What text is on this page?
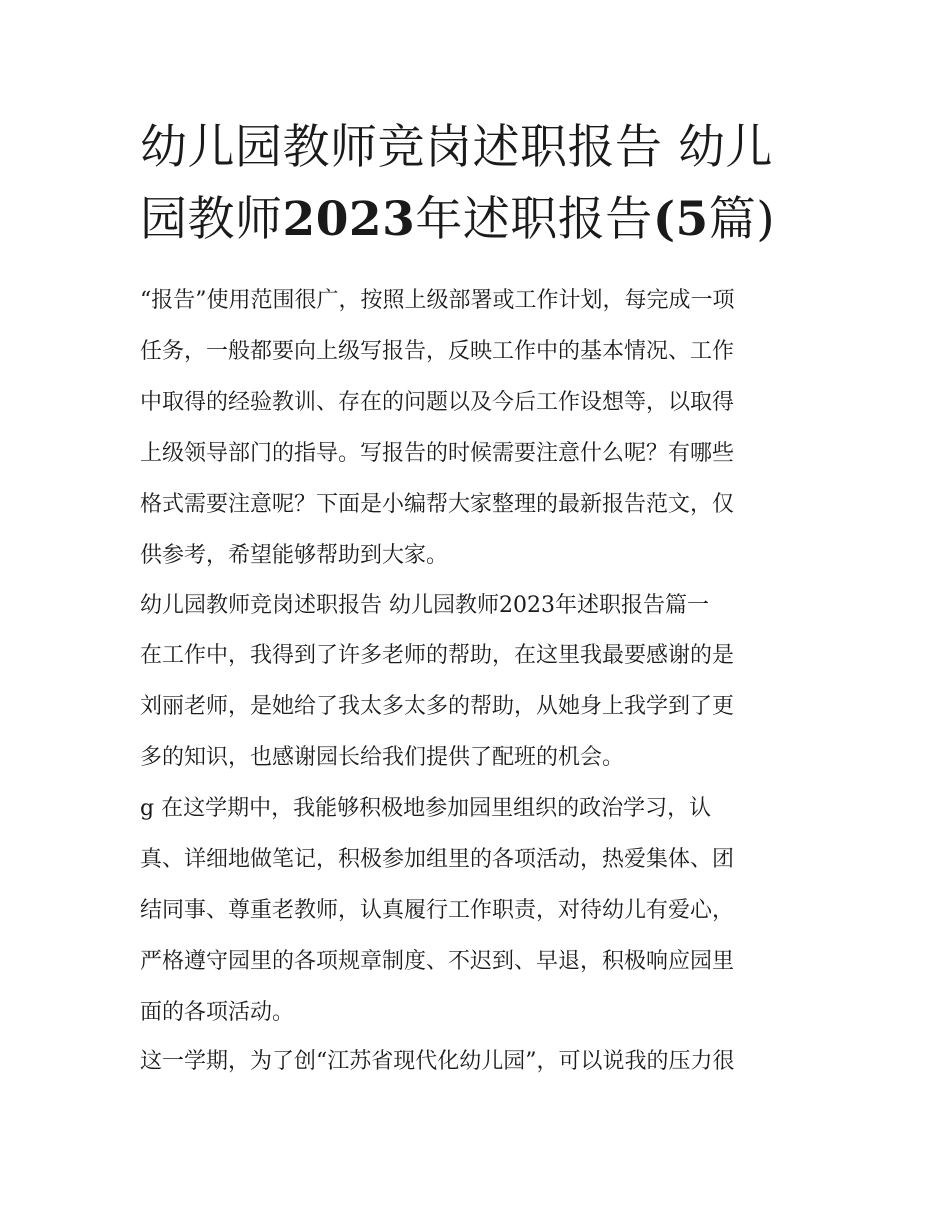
幼儿园教师竞岗述职报告 幼儿
园教师2023年述职报告(5篇)
“报告”使用范围很广，按照上级部署或工作计划，每完成一项
任务，一般都要向上级写报告，反映工作中的基本情况、工作
中取得的经验教训、存在的问题以及今后工作设想等，以取得
上级领导部门的指导。写报告的时候需要注意什么呢？有哪些
格式需要注意呢？下面是小编帮大家整理的最新报告范文，仅
供参考，希望能够帮助到大家。
幼儿园教师竞岗述职报告 幼儿园教师2023年述职报告篇一
在工作中，我得到了许多老师的帮助，在这里我最要感谢的是
刘丽老师，是她给了我太多太多的帮助，从她身上我学到了更
多的知识，也感谢园长给我们提供了配班的机会。
g 在这学期中，我能够积极地参加园里组织的政治学习，认
真、详细地做笔记，积极参加组里的各项活动，热爱集体、团
结同事、尊重老教师，认真履行工作职责，对待幼儿有爱心，
严格遵守园里的各项规章制度、不迟到、早退，积极响应园里
面的各项活动。
这一学期，为了创“江苏省现代化幼儿园”，可以说我的压力很
